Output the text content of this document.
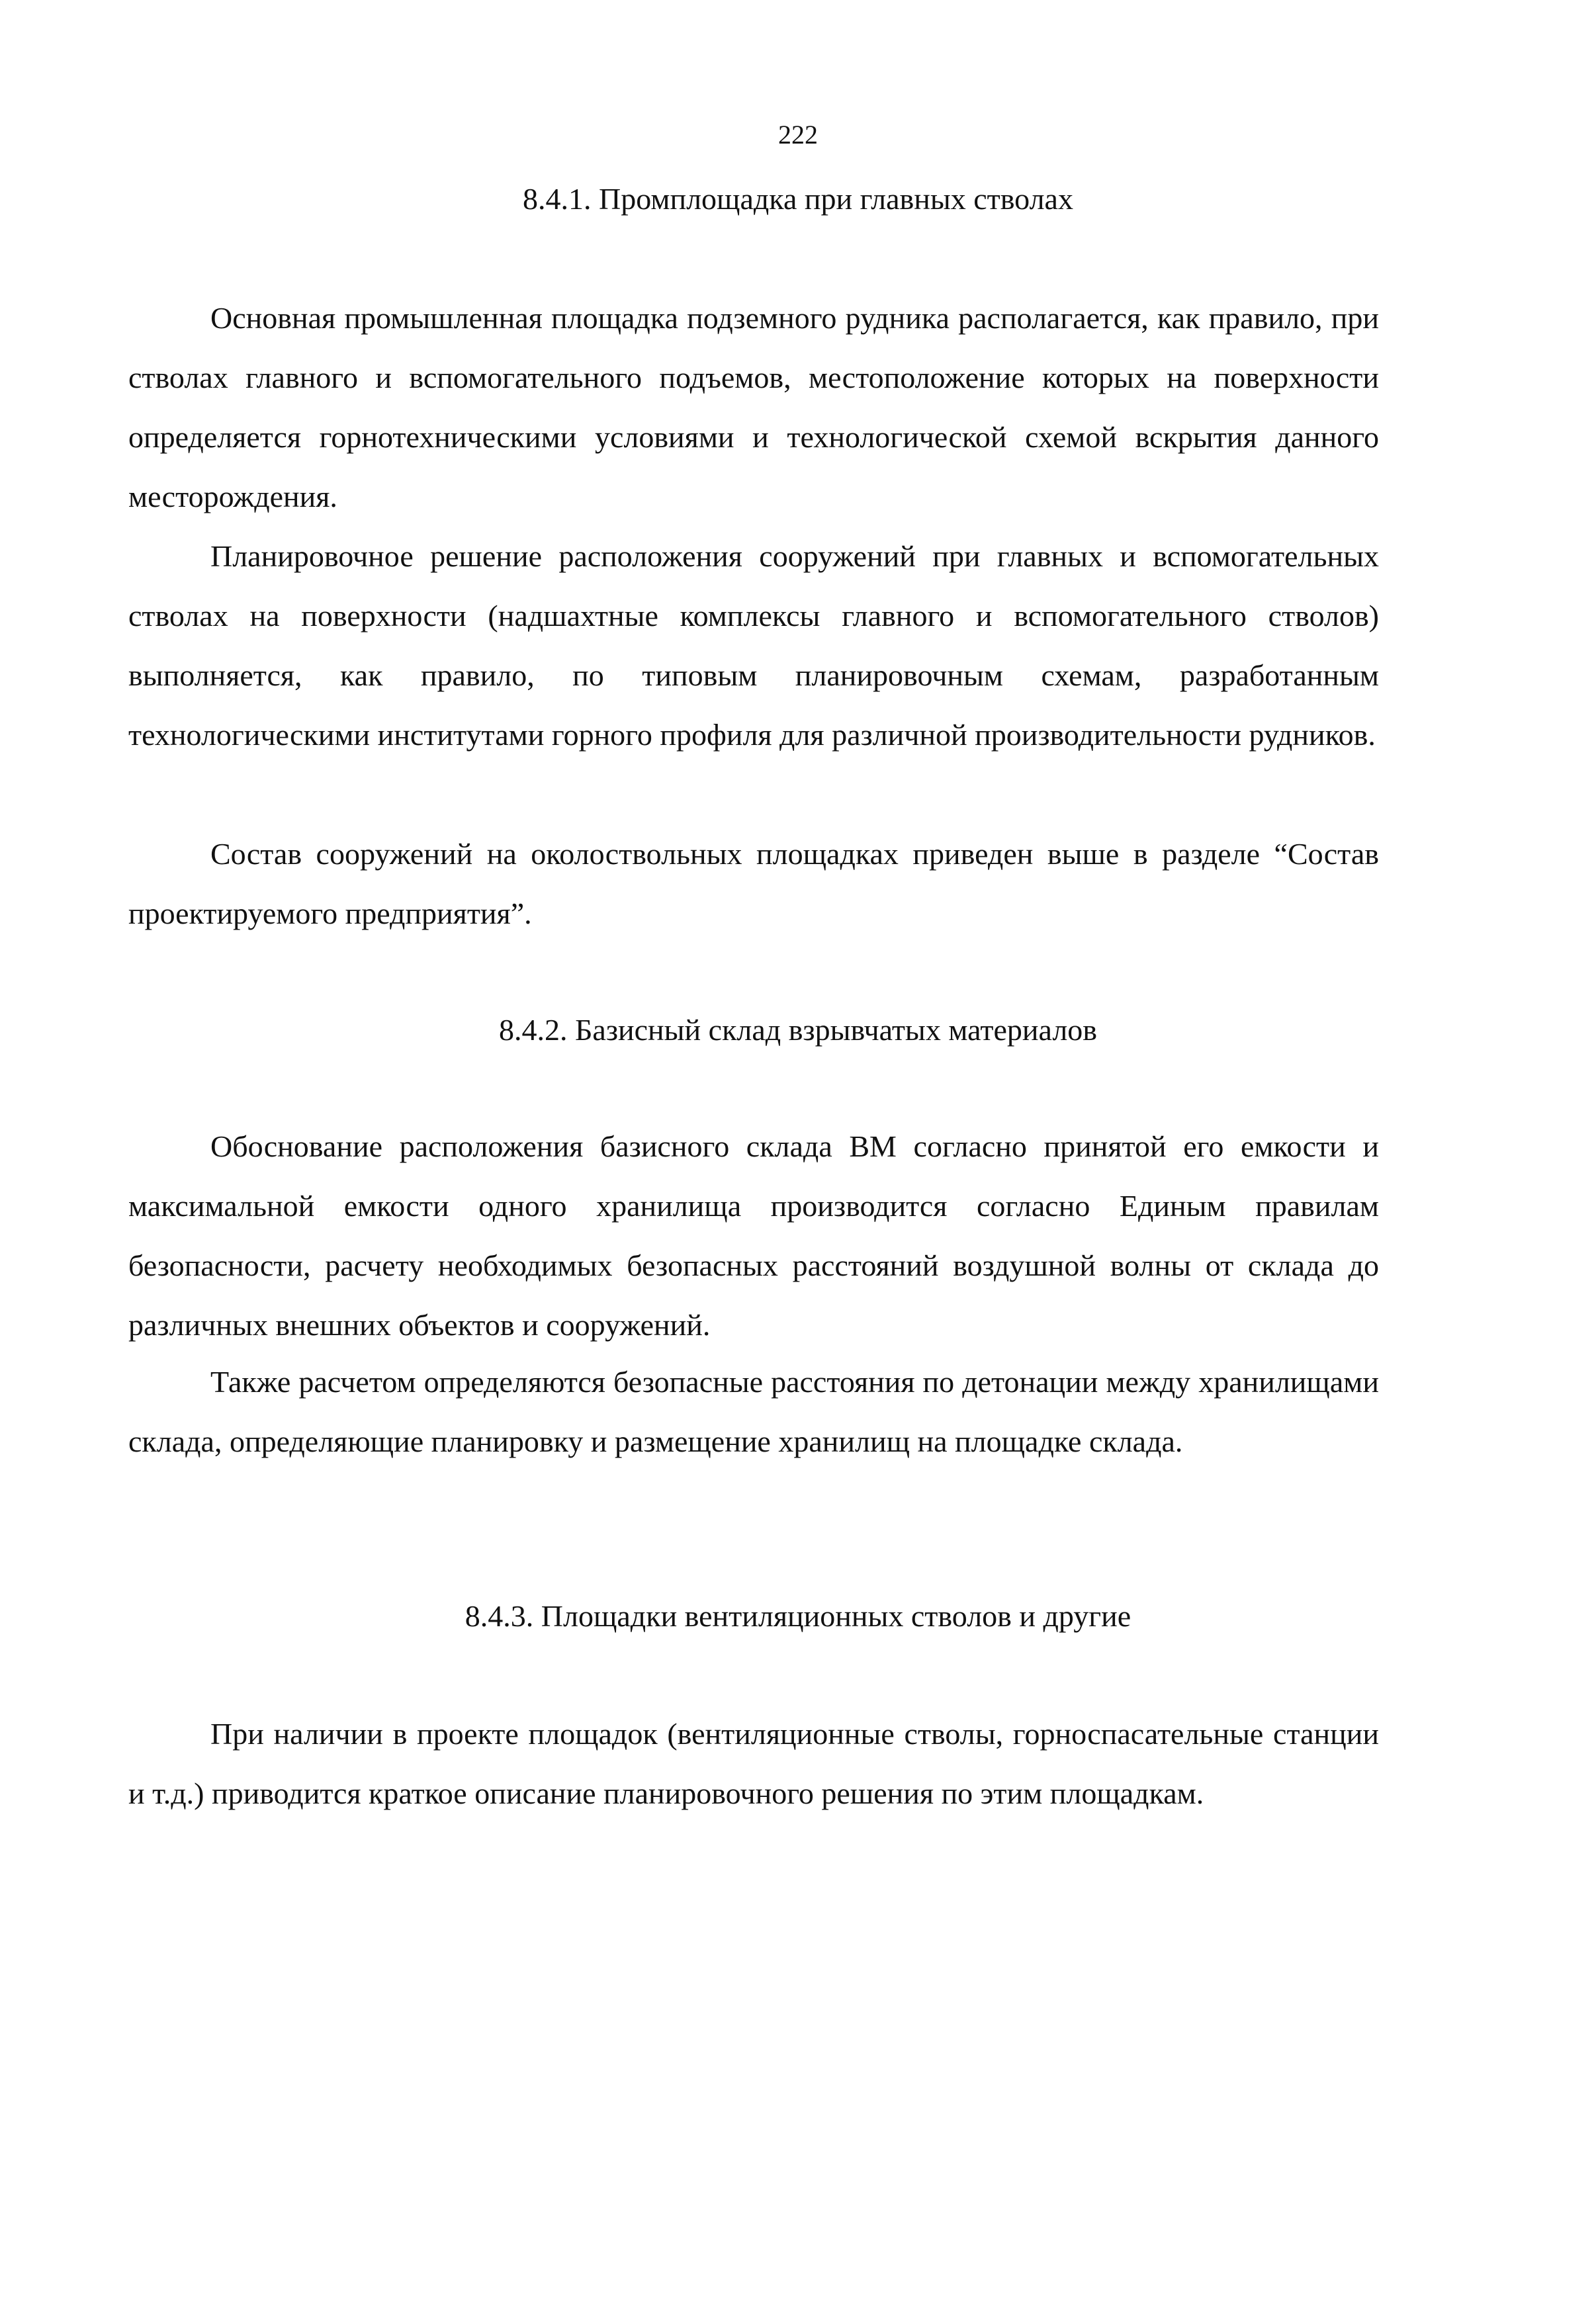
222
8.4.1. Промплощадка при главных стволах

Основная промышленная площадка подземного рудника располагается, как правило, при стволах главного и вспомогательного подъемов, местоположение которых на поверхности определяется горнотехническими условиями и технологической схемой вскрытия данного месторождения.

Планировочное решение расположения сооружений при главных и вспомогательных стволах на поверхности (надшахтные комплексы главного и вспомогательного стволов) выполняется, как правило, по типовым планировочным схемам, разработанным технологическими институтами горного профиля для различной производительности рудников.

Состав сооружений на околоствольных площадках приведен выше в разделе “Состав проектируемого предприятия”.

8.4.2. Базисный склад взрывчатых материалов

Обоснование расположения базисного склада ВМ согласно принятой его емкости и максимальной емкости одного хранилища производится согласно Единым правилам безопасности, расчету необходимых безопасных расстояний воздушной волны от склада до различных внешних объектов и сооружений.

Также расчетом определяются безопасные расстояния по детонации между хранилищами склада, определяющие планировку и размещение хранилищ на площадке склада.

8.4.3. Площадки вентиляционных стволов и другие

При наличии в проекте площадок (вентиляционные стволы, горноспасательные станции и т.д.) приводится краткое описание планировочного решения по этим площадкам.
